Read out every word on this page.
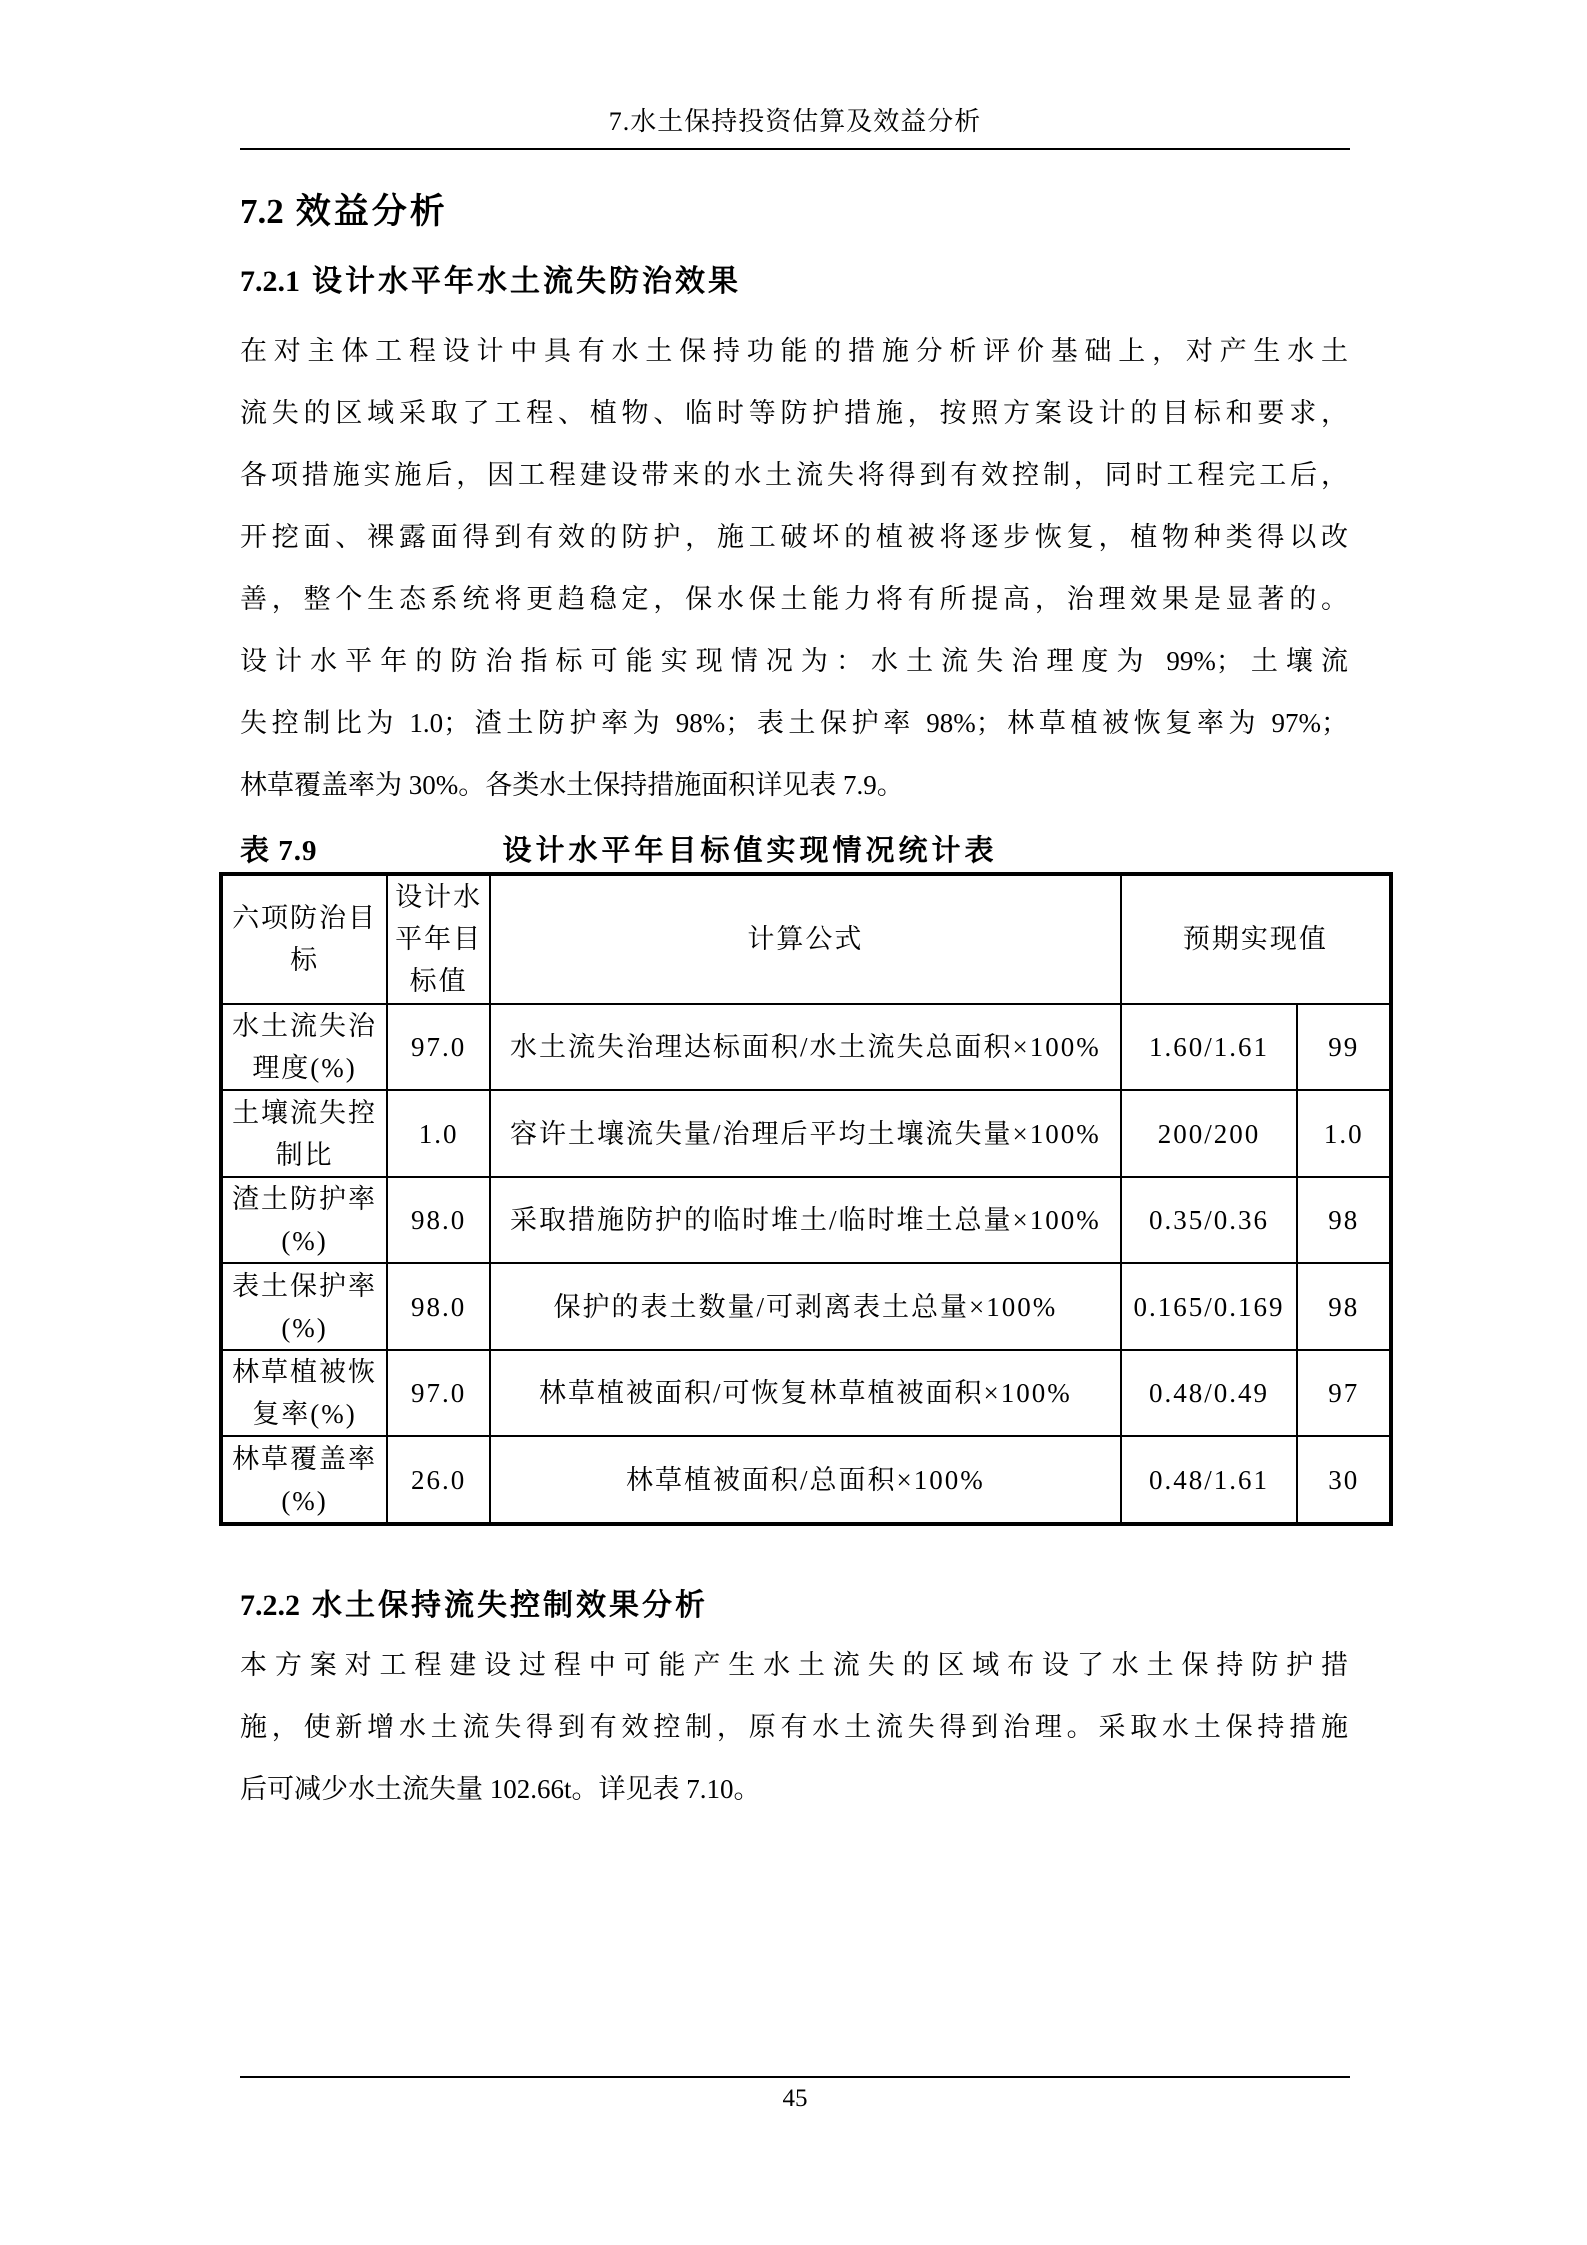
7.水土保持投资估算及效益分析
7.2 效益分析
7.2.1 设计水平年水土流失防治效果
在对主体工程设计中具有水土保持功能的措施分析评价基础上，对产生水土
流失的区域采取了工程、植物、临时等防护措施，按照方案设计的目标和要求，
各项措施实施后，因工程建设带来的水土流失将得到有效控制，同时工程完工后，
开挖面、裸露面得到有效的防护，施工破坏的植被将逐步恢复，植物种类得以改
善，整个生态系统将更趋稳定，保水保土能力将有所提高，治理效果是显著的。
设计水平年的防治指标可能实现情况为：水土流失治理度为 99%；土壤流
失控制比为 1.0；渣土防护率为 98%；表土保护率 98%；林草植被恢复率为 97%；
林草覆盖率为 30%。各类水土保持措施面积详见表 7.9。
表 7.9	设计水平年目标值实现情况统计表
六项防治目标	设计水平年目标值	计算公式	预期实现值	
水土流失治理度(%)	97.0	水土流失治理达标面积/水土流失总面积×100%	1.60/1.61	99
土壤流失控制比	1.0	容许土壤流失量/治理后平均土壤流失量×100%	200/200	1.0
渣土防护率(%)	98.0	采取措施防护的临时堆土/临时堆土总量×100%	0.35/0.36	98
表土保护率(%)	98.0	保护的表土数量/可剥离表土总量×100%	0.165/0.169	98
林草植被恢复率(%)	97.0	林草植被面积/可恢复林草植被面积×100%	0.48/0.49	97
林草覆盖率(%)	26.0	林草植被面积/总面积×100%	0.48/1.61	30
7.2.2 水土保持流失控制效果分析
本方案对工程建设过程中可能产生水土流失的区域布设了水土保持防护措
施，使新增水土流失得到有效控制，原有水土流失得到治理。采取水土保持措施
后可减少水土流失量 102.66t。详见表 7.10。
45
